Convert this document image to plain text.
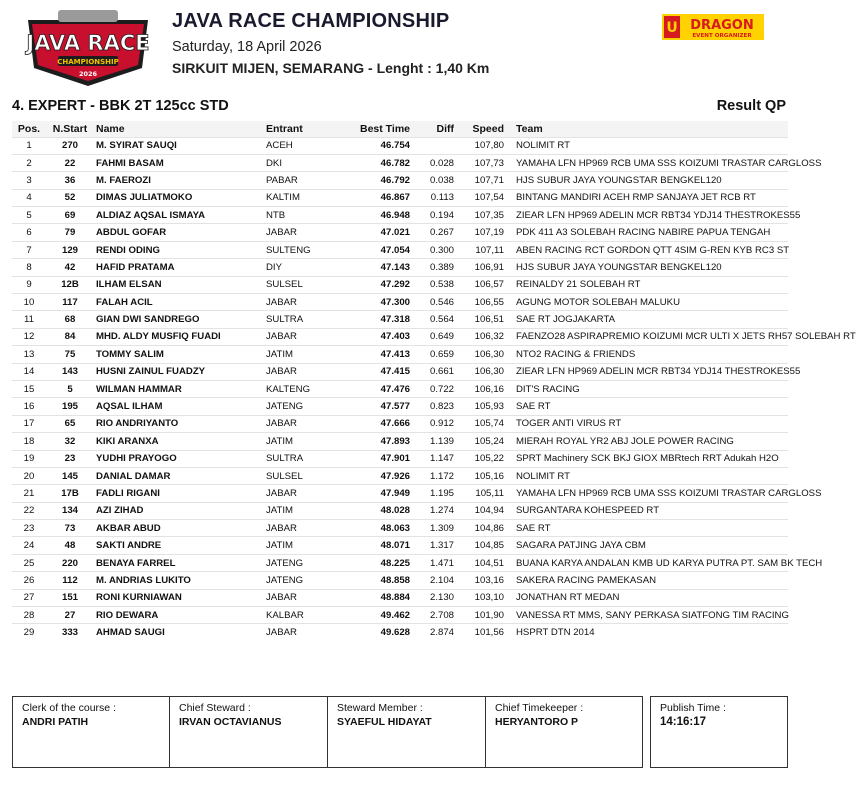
JAVA RACE
CHAMPIONSHIP
2026
JAVA RACE CHAMPIONSHIP
Saturday, 18 April 2026
SIRKUIT MIJEN, SEMARANG - Lenght : 1,40 Km
U DRAGON
EVENT ORGANIZER
4. EXPERT - BBK 2T 125cc STD	Result QP
Pos.	N.Start	Name	Entrant	Best Time	Diff	Speed	Team
1	270	M. SYIRAT SAUQI	ACEH	46.754		107,80	NOLIMIT RT
2	22	FAHMI BASAM	DKI	46.782	0.028	107,73	YAMAHA LFN HP969 RCB UMA SSS KOIZUMI TRASTAR CARGLOSS
3	36	M. FAEROZI	PABAR	46.792	0.038	107,71	HJS SUBUR JAYA YOUNGSTAR BENGKEL120
4	52	DIMAS JULIATMOKO	KALTIM	46.867	0.113	107,54	BINTANG MANDIRI ACEH RMP SANJAYA JET RCB RT
5	69	ALDIAZ AQSAL ISMAYA	NTB	46.948	0.194	107,35	ZIEAR LFN HP969 ADELIN MCR RBT34 YDJ14 THESTROKES55
6	79	ABDUL GOFAR	JABAR	47.021	0.267	107,19	PDK 411 A3 SOLEBAH RACING NABIRE PAPUA TENGAH
7	129	RENDI ODING	SULTENG	47.054	0.300	107,11	ABEN RACING RCT GORDON QTT 4SIM G-REN KYB RC3 ST
8	42	HAFID PRATAMA	DIY	47.143	0.389	106,91	HJS SUBUR JAYA YOUNGSTAR BENGKEL120
9	12B	ILHAM ELSAN	SULSEL	47.292	0.538	106,57	REINALDY 21 SOLEBAH RT
10	117	FALAH ACIL	JABAR	47.300	0.546	106,55	AGUNG MOTOR SOLEBAH MALUKU
11	68	GIAN DWI SANDREGO	SULTRA	47.318	0.564	106,51	SAE RT JOGJAKARTA
12	84	MHD. ALDY MUSFIQ FUADI	JABAR	47.403	0.649	106,32	FAENZO28 ASPIRAPREMIO KOIZUMI MCR ULTI X JETS RH57 SOLEBAH RT
13	75	TOMMY SALIM	JATIM	47.413	0.659	106,30	NTO2 RACING & FRIENDS
14	143	HUSNI ZAINUL FUADZY	JABAR	47.415	0.661	106,30	ZIEAR LFN HP969 ADELIN MCR RBT34 YDJ14 THESTROKES55
15	5	WILMAN HAMMAR	KALTENG	47.476	0.722	106,16	DIT'S RACING
16	195	AQSAL ILHAM	JATENG	47.577	0.823	105,93	SAE RT
17	65	RIO ANDRIYANTO	JABAR	47.666	0.912	105,74	TOGER ANTI VIRUS RT
18	32	KIKI ARANXA	JATIM	47.893	1.139	105,24	MIERAH ROYAL YR2 ABJ JOLE POWER RACING
19	23	YUDHI PRAYOGO	SULTRA	47.901	1.147	105,22	SPRT Machinery SCK BKJ GIOX MBRtech RRT Adukah H2O
20	145	DANIAL DAMAR	SULSEL	47.926	1.172	105,16	NOLIMIT RT
21	17B	FADLI RIGANI	JABAR	47.949	1.195	105,11	YAMAHA LFN HP969 RCB UMA SSS KOIZUMI TRASTAR CARGLOSS
22	134	AZI ZIHAD	JATIM	48.028	1.274	104,94	SURGANTARA KOHESPEED RT
23	73	AKBAR ABUD	JABAR	48.063	1.309	104,86	SAE RT
24	48	SAKTI ANDRE	JATIM	48.071	1.317	104,85	SAGARA PATJING JAYA CBM
25	220	BENAYA FARREL	JATENG	48.225	1.471	104,51	BUANA KARYA ANDALAN KMB UD KARYA PUTRA PT. SAM BK TECH
26	112	M. ANDRIAS LUKITO	JATENG	48.858	2.104	103,16	SAKERA RACING PAMEKASAN
27	151	RONI KURNIAWAN	JABAR	48.884	2.130	103,10	JONATHAN RT MEDAN
28	27	RIO DEWARA	KALBAR	49.462	2.708	101,90	VANESSA RT MMS, SANY PERKASA SIATFONG TIM RACING
29	333	AHMAD SAUGI	JABAR	49.628	2.874	101,56	HSPRT DTN 2014
Clerk of the course :
ANDRI PATIH
Chief Steward :
IRVAN OCTAVIANUS
Steward Member :
SYAEFUL HIDAYAT
Chief Timekeeper :
HERYANTORO P
Publish Time :
14:16:17
